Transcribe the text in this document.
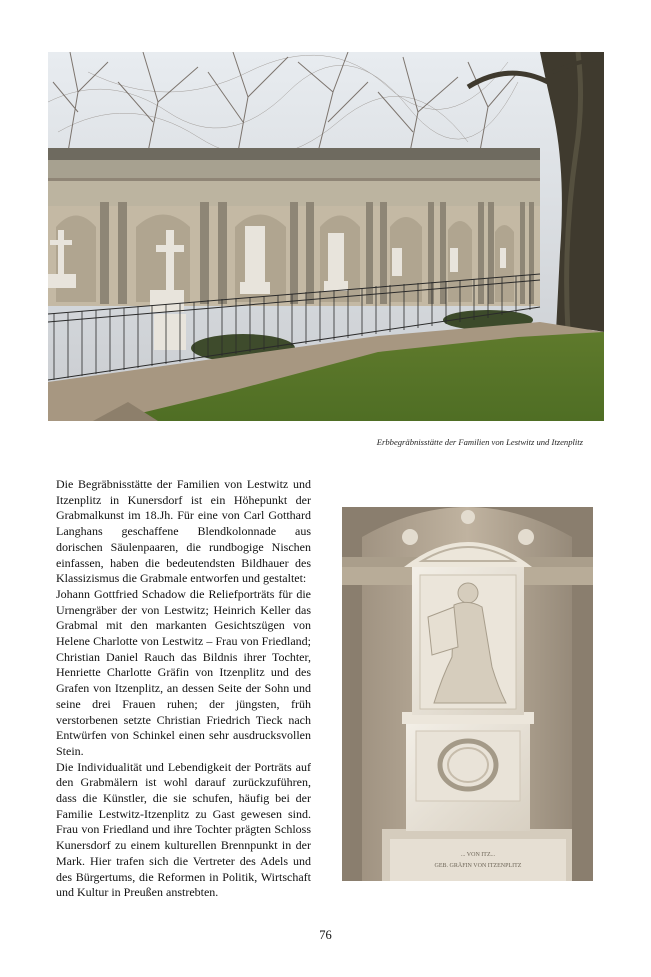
Erbbegräbnisstätte der Familien von Lestwitz und Itzenplitz

Die Begräbnisstätte der Familien von Lestwitz und Itzenplitz in Kunersdorf ist ein Höhepunkt der Grabmalkunst im 18.Jh. Für eine von Carl Gotthard Langhans geschaffene Blendkolonnade aus dorischen Säulenpaaren, die rundbogige Nischen einfassen, haben die bedeutendsten Bildhauer des Klassizismus die Grabmale entworfen und gestaltet:

Johann Gottfried Schadow die Reliefporträts für die Urnengräber der von Lestwitz; Heinrich Keller das Grabmal mit den markanten Gesichtszügen von Helene Charlotte von Lestwitz – Frau von Friedland; Christian Daniel Rauch das Bildnis ihrer Tochter, Henriette Charlotte Gräfin von Itzenplitz und des Grafen von Itzenplitz, an dessen Seite der Sohn und seine drei Frauen ruhen; der jüngsten, früh verstorbenen setzte Christian Friedrich Tieck nach Entwürfen von Schinkel einen sehr ausdrucksvollen Stein.

Die Individualität und Lebendigkeit der Porträts auf den Grabmälern ist wohl darauf zurückzuführen, dass die Künstler, die sie schufen, häufig bei der Familie Lestwitz-Itzenplitz zu Gast gewesen sind. Frau von Friedland und ihre Tochter prägten Schloss Kunersdorf zu einem kulturellen Brennpunkt in der Mark. Hier trafen sich die Vertreter des Adels und des Bürgertums, die Reformen in Politik, Wirtschaft und Kultur in Preußen anstrebten.

... VON ITZ...
GEB. GRÄFIN VON ITZENPLITZ
76
